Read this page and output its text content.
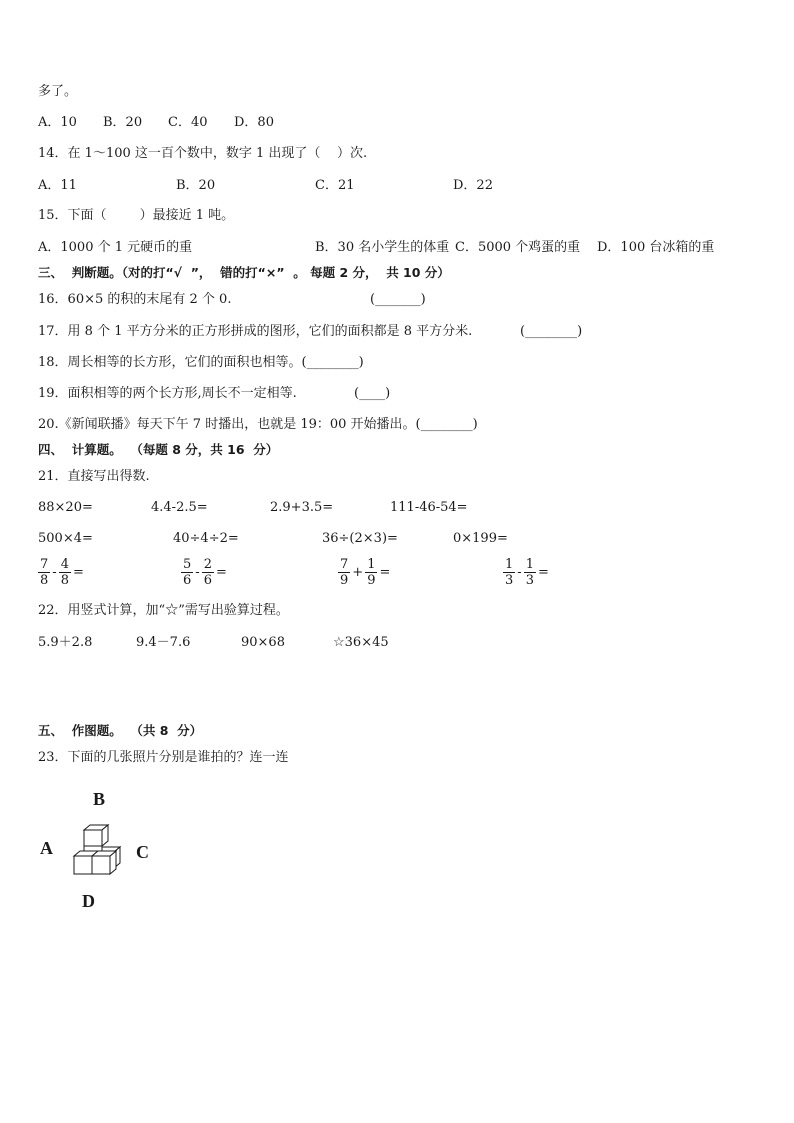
多了。
A．10 B．20 C．40 D．80
14．在 1～100 这一百个数中，数字 1 出现了（    ）次.
A．11	B．20	C．21	D．22
15．下面（        ）最接近 1 吨。
A．1000 个 1 元硬币的重	B．30 名小学生的体重 C．5000 个鸡蛋的重 D．100 台冰箱的重
三、  判断题。（对的打“√  ”，  错的打“×”  。 每题 2 分，  共 10 分）
16．60×5 的积的末尾有 2 个 0.	(_______)
17．用 8 个 1 平方分米的正方形拼成的图形，它们的面积都是 8 平方分米.	(________)
18．周长相等的长方形，它们的面积也相等。(________)
19．面积相等的两个长方形,周长不一定相等.	(____)
20.《新闻联播》每天下午 7 时播出，也就是 19：00 开始播出。(________)
四、  计算题。  （每题 8 分，共 16  分）
21．直接写出得数.
88×20=	4.4-2.5=	2.9+3.5=	111-46-54=
500×4=	40÷4÷2=	36÷(2×3)=	0×199=
$\frac{7}{8} - \frac{4}{8}$ =	$\frac{5}{6} - \frac{2}{6}$ =	$\frac{7}{9} + \frac{1}{9}$ =	$\frac{1}{3} - \frac{1}{3}$ =
22．用竖式计算，加“☆”需写出验算过程。
5.9＋2.8	9.4－7.6	90×68	☆36×45
五、  作图题。  （共 8  分）
23．下面的几张照片分别是谁拍的？连一连
B
A	C
D
